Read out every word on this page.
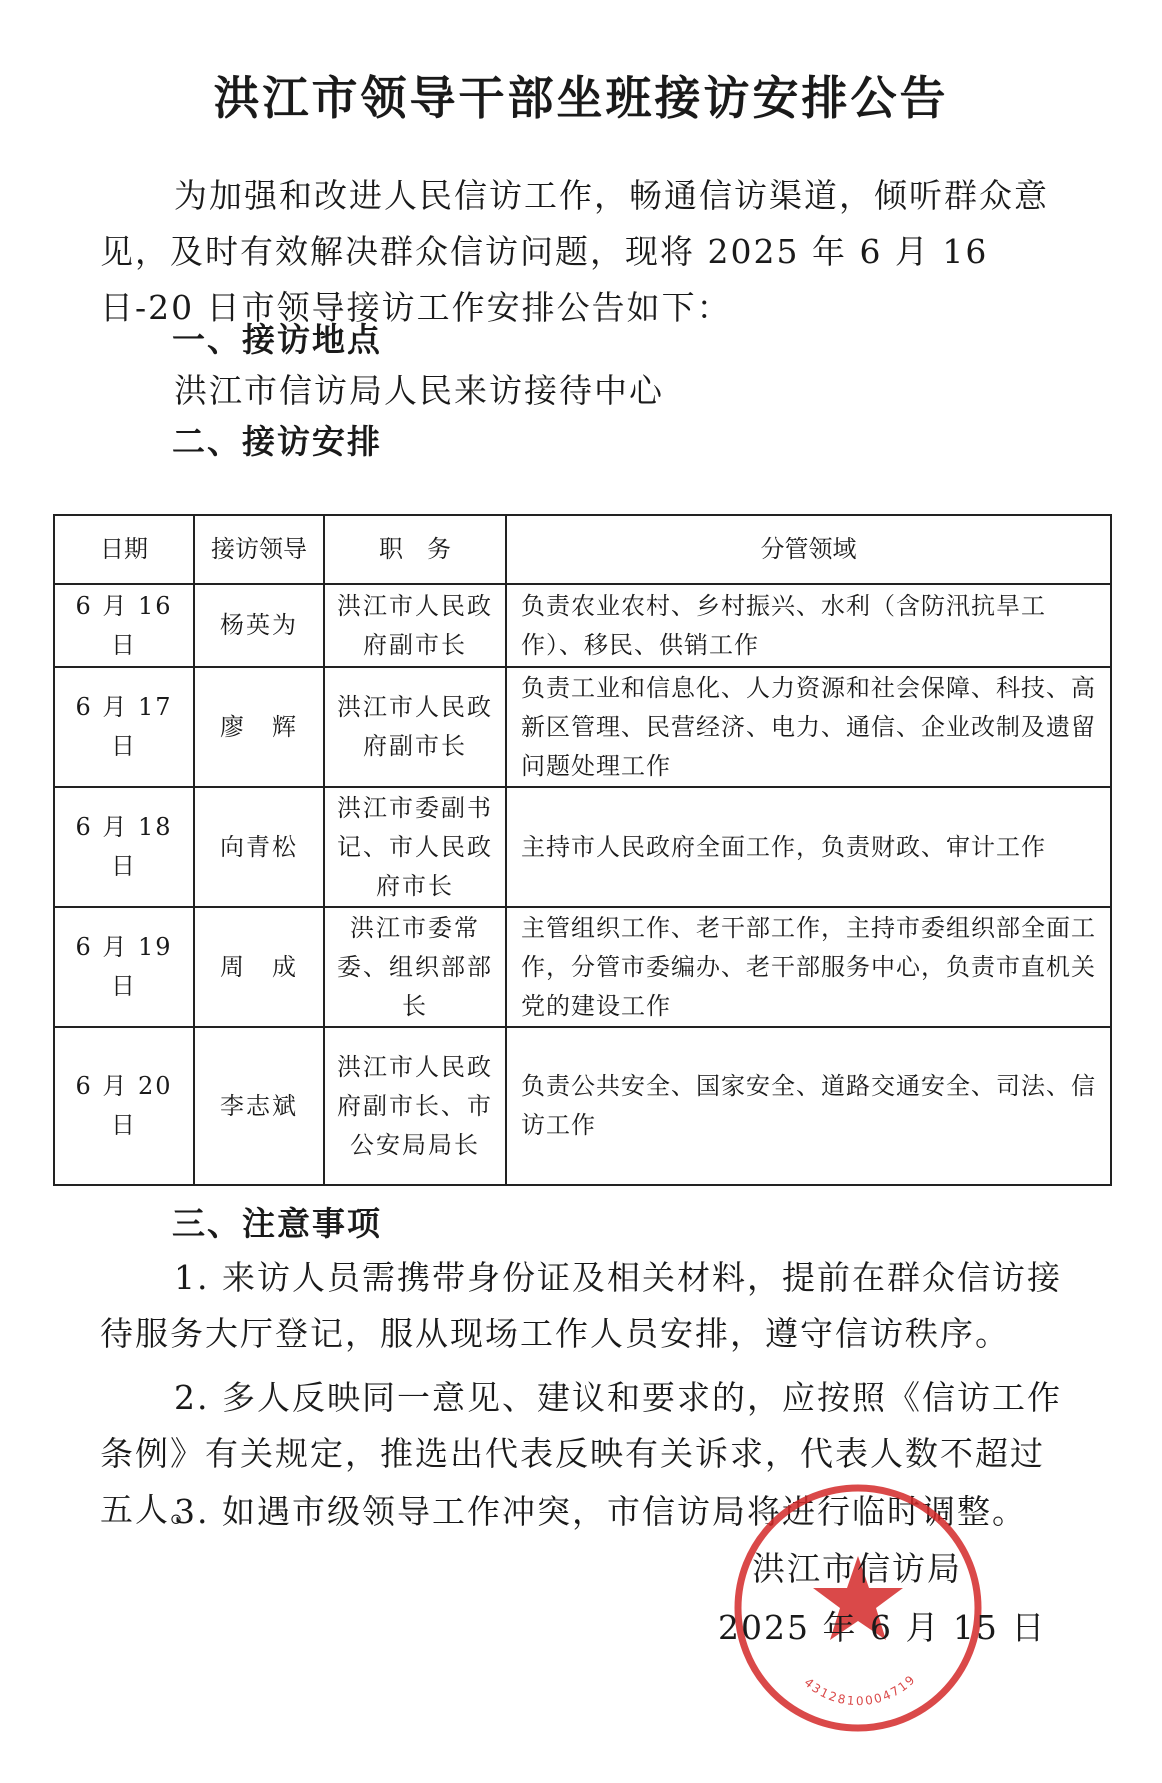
洪江市领导干部坐班接访安排公告

为加强和改进人民信访工作，畅通信访渠道，倾听群众意见，及时有效解决群众信访问题，现将 2025 年 6 月 16 日-20 日市领导接访工作安排公告如下：

一、接访地点
洪江市信访局人民来访接待中心
二、接访安排
日期	接访领导	职　务	分管领域
6 月 16 日	杨英为	洪江市人民政府副市长	负责农业农村、乡村振兴、水利（含防汛抗旱工作）、移民、供销工作
6 月 17 日	廖　辉	洪江市人民政府副市长	负责工业和信息化、人力资源和社会保障、科技、高新区管理、民营经济、电力、通信、企业改制及遗留问题处理工作
6 月 18 日	向青松	洪江市委副书记、市人民政府市长	主持市人民政府全面工作，负责财政、审计工作
6 月 19 日	周　成	洪江市委常委、组织部部长	主管组织工作、老干部工作，主持市委组织部全面工作，分管市委编办、老干部服务中心，负责市直机关党的建设工作
6 月 20 日	李志斌	洪江市人民政府副市长、市公安局局长	负责公共安全、国家安全、道路交通安全、司法、信访工作
三、注意事项

1. 来访人员需携带身份证及相关材料，提前在群众信访接待服务大厅登记，服从现场工作人员安排，遵守信访秩序。

2. 多人反映同一意见、建议和要求的，应按照《信访工作条例》有关规定，推选出代表反映有关诉求，代表人数不超过五人。

3. 如遇市级领导工作冲突，市信访局将进行临时调整。

4312810004719
洪江市信访局
2025 年 6 月 15 日
